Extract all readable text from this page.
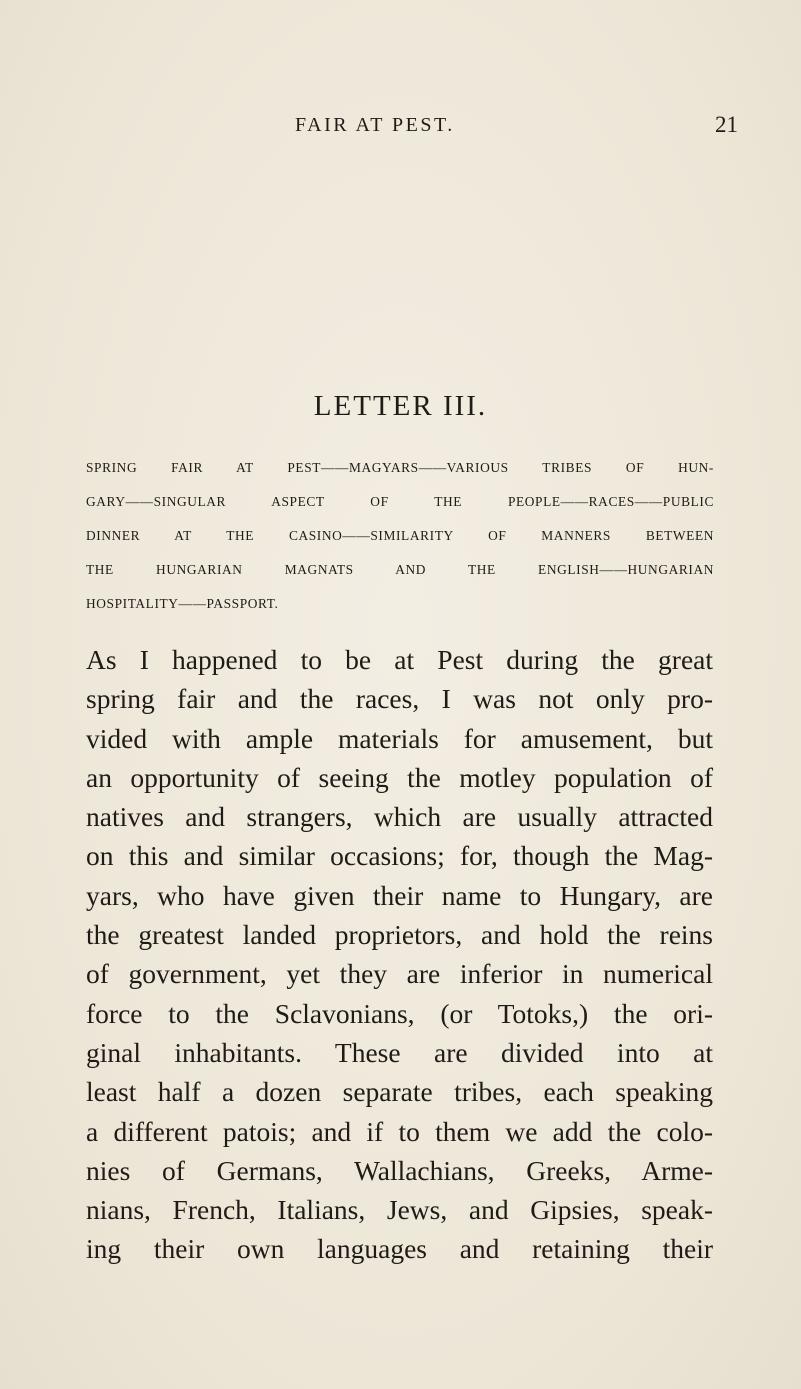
FAIR AT PEST.	21
LETTER III.
SPRING FAIR AT PEST——MAGYARS——VARIOUS TRIBES OF HUN-
GARY——SINGULAR ASPECT OF THE PEOPLE——RACES——PUBLIC
DINNER AT THE CASINO——SIMILARITY OF MANNERS BETWEEN
THE HUNGARIAN MAGNATS AND THE ENGLISH——HUNGARIAN
HOSPITALITY——PASSPORT.
As I happened to be at Pest during the great
spring fair and the races, I was not only pro-
vided with ample materials for amusement, but
an opportunity of seeing the motley population of
natives and strangers, which are usually attracted
on this and similar occasions; for, though the Mag-
yars, who have given their name to Hungary, are
the greatest landed proprietors, and hold the reins
of government, yet they are inferior in numerical
force to the Sclavonians, (or Totoks,) the ori-
ginal inhabitants. These are divided into at
least half a dozen separate tribes, each speaking
a different patois; and if to them we add the colo-
nies of Germans, Wallachians, Greeks, Arme-
nians, French, Italians, Jews, and Gipsies, speak-
ing their own languages and retaining their
